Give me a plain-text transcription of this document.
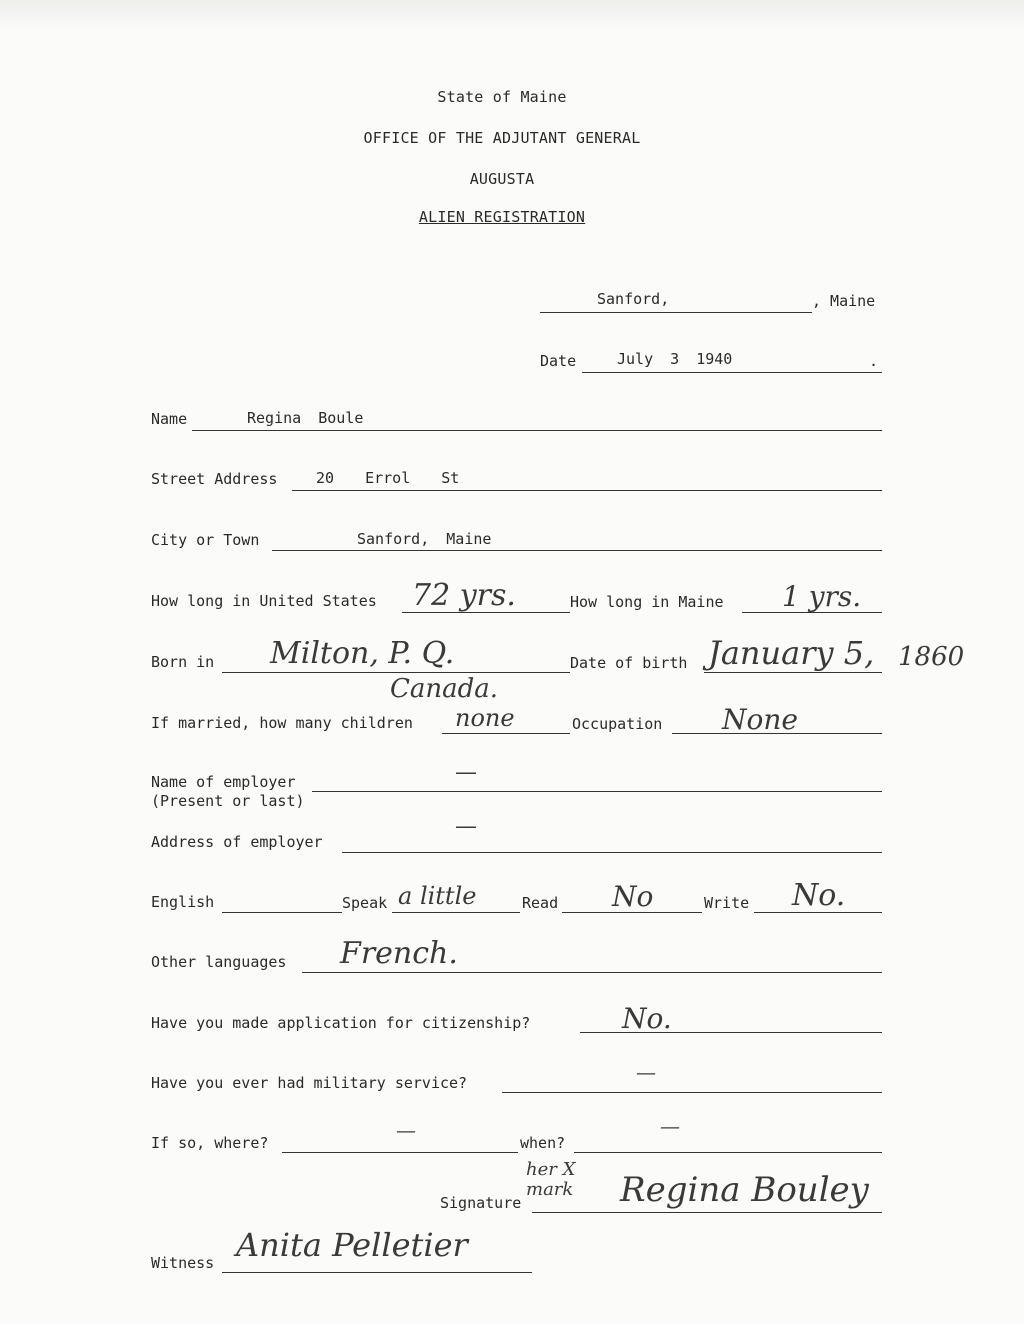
State of Maine
OFFICE OF THE ADJUTANT GENERAL
AUGUSTA
ALIEN REGISTRATION
Sanford,	, Maine
Date	July 3 1940	.
Name	Regina Boule
Street Address	20 Errol St
City or Town	Sanford, Maine
How long in United States 72 yrs.	How long in Maine 1 yrs.
Born in Milton, P. Q.
Canada.
Date of birth January 5, 1860
If married, how many children none	Occupation None
Name of employer
(Present or last)
—
Address of employer
—
English	Speak a little	Read No	Write No.
Other languages French.
Have you made application for citizenship?	No.
Have you ever had military service?	—
If so, where?
—
when?
—
Signature
her X mark	Regina Bouley
Witness Anita Pelletier
